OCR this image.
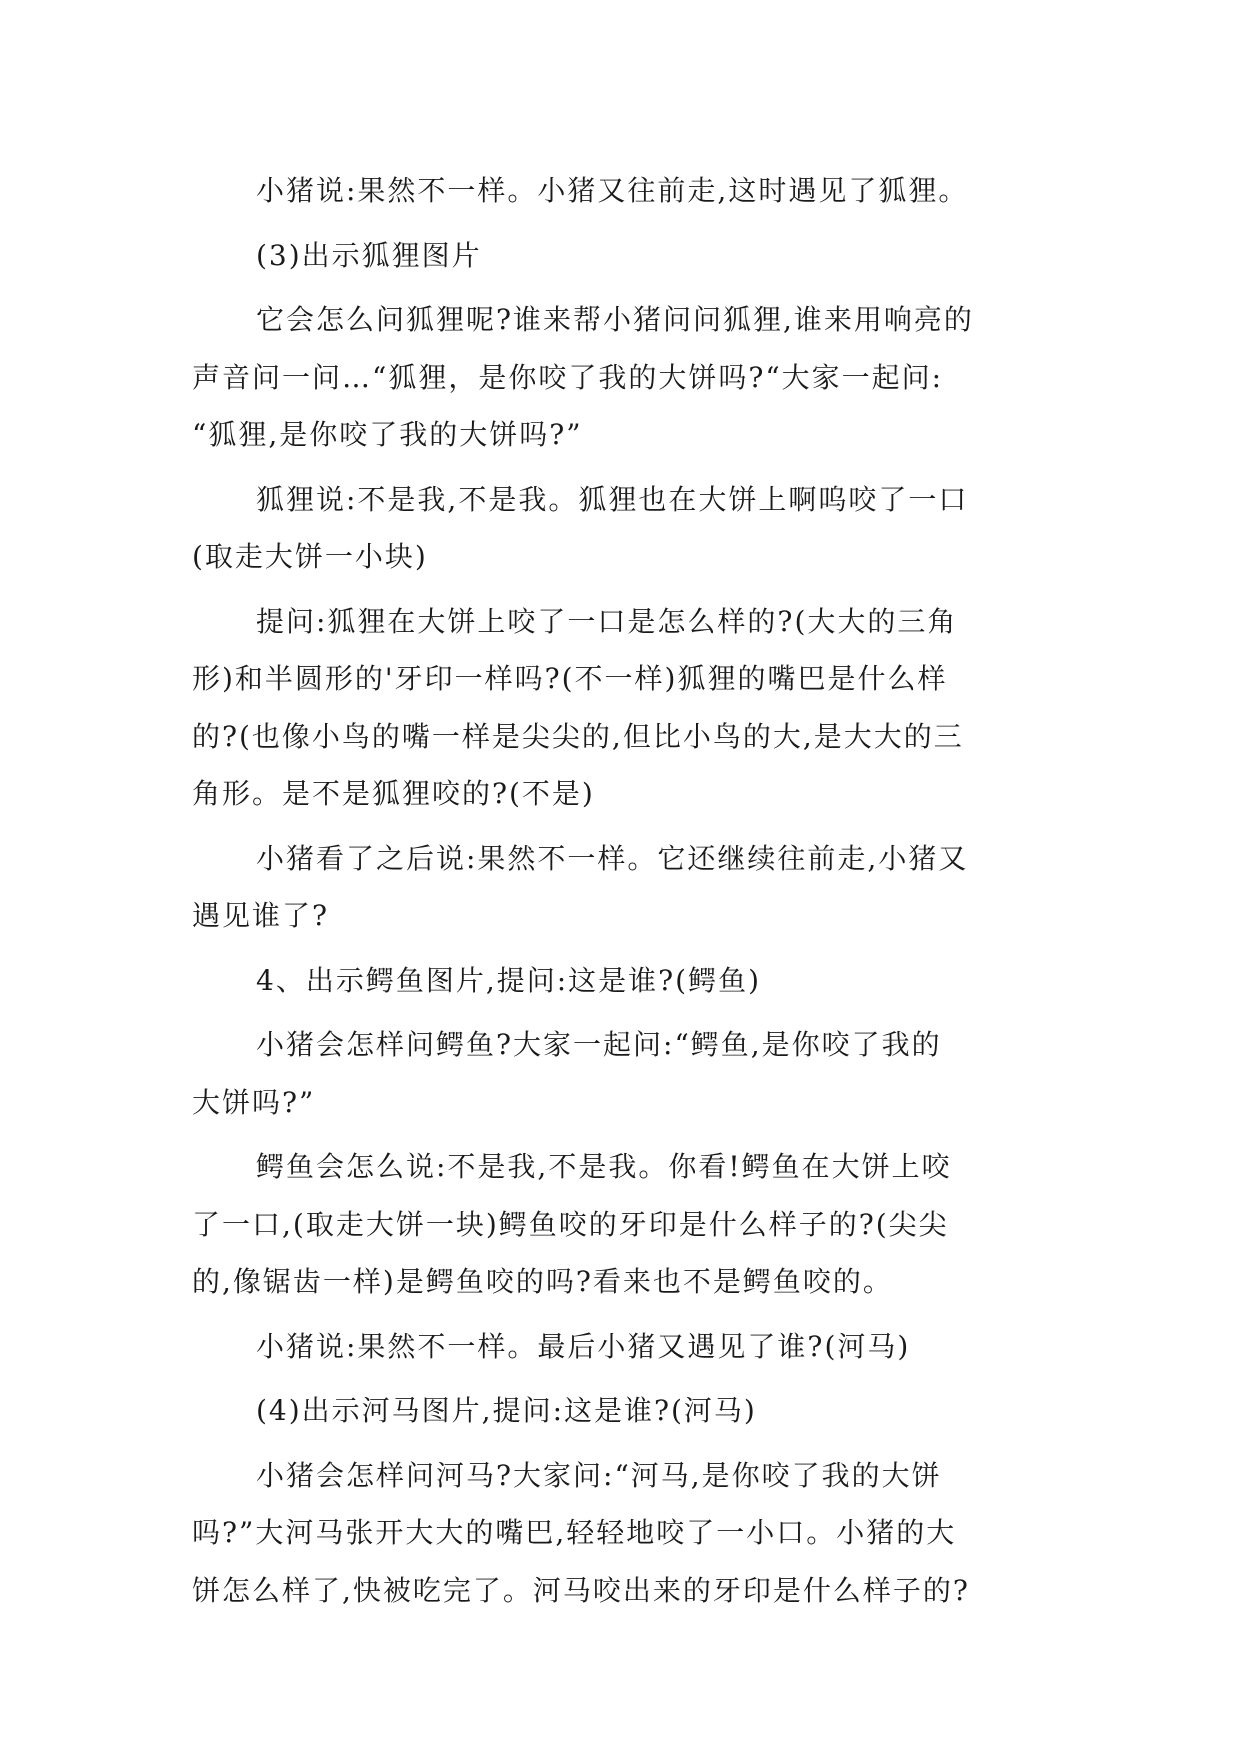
小猪说:果然不一样。小猪又往前走,这时遇见了狐狸。
(3)出示狐狸图片
它会怎么问狐狸呢?谁来帮小猪问问狐狸,谁来用响亮的
声音问一问…“狐狸，是你咬了我的大饼吗?“大家一起问:
“狐狸,是你咬了我的大饼吗?”
狐狸说:不是我,不是我。狐狸也在大饼上啊呜咬了一口
(取走大饼一小块)
提问:狐狸在大饼上咬了一口是怎么样的?(大大的三角
形)和半圆形的'牙印一样吗?(不一样)狐狸的嘴巴是什么样
的?(也像小鸟的嘴一样是尖尖的,但比小鸟的大,是大大的三
角形。是不是狐狸咬的?(不是)
小猪看了之后说:果然不一样。它还继续往前走,小猪又
遇见谁了?
4、出示鳄鱼图片,提问:这是谁?(鳄鱼)
小猪会怎样问鳄鱼?大家一起问:“鳄鱼,是你咬了我的
大饼吗?”
鳄鱼会怎么说:不是我,不是我。你看!鳄鱼在大饼上咬
了一口,(取走大饼一块)鳄鱼咬的牙印是什么样子的?(尖尖
的,像锯齿一样)是鳄鱼咬的吗?看来也不是鳄鱼咬的。
小猪说:果然不一样。最后小猪又遇见了谁?(河马)
(4)出示河马图片,提问:这是谁?(河马)
小猪会怎样问河马?大家问:“河马,是你咬了我的大饼
吗?”大河马张开大大的嘴巴,轻轻地咬了一小口。小猪的大
饼怎么样了,快被吃完了。河马咬出来的牙印是什么样子的?
